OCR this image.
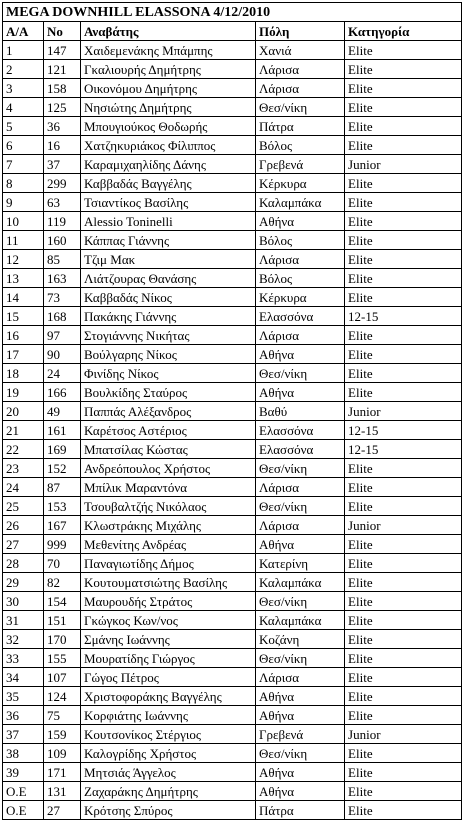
MEGA DOWNHILL ELASSONA 4/12/2010				
A/A	No	Αναβάτης	Πόλη	Κατηγορία
1	147	Χαιδεμενάκης Μπάμπης	Χανιά	Elite
2	121	Γκαλιουρής Δημήτρης	Λάρισα	Elite
3	158	Οικονόμου Δημήτρης	Λάρισα	Elite
4	125	Νησιώτης Δημήτρης	Θεσ/νίκη	Elite
5	36	Μπουγιούκος Θοδωρής	Πάτρα	Elite
6	16	Χατζηκυριάκος Φίλιππος	Βόλος	Elite
7	37	Καραμιχαηλίδης Δάνης	Γρεβενά	Junior
8	299	Καββαδάς Βαγγέλης	Κέρκυρα	Elite
9	63	Τσιαντίκος Βασίλης	Καλαμπάκα	Elite
10	119	Alessio Toninelli	Αθήνα	Elite
11	160	Κάππας Γιάννης	Βόλος	Elite
12	85	Τζιμ Μακ	Λάρισα	Elite
13	163	Λιάτζουρας Θανάσης	Βόλος	Elite
14	73	Καββαδάς Νίκος	Κέρκυρα	Elite
15	168	Πακάκης Γιάννης	Ελασσόνα	12-15
16	97	Στογιάννης Νικήτας	Λάρισα	Elite
17	90	Βούλγαρης Νίκος	Αθήνα	Elite
18	24	Φινίδης Νίκος	Θεσ/νίκη	Elite
19	166	Βουλκίδης Σταύρος	Αθήνα	Elite
20	49	Παππάς Αλέξανδρος	Βαθύ	Junior
21	161	Καρέτσος Αστέριος	Ελασσόνα	12-15
22	169	Μπατσίλας Κώστας	Ελασσόνα	12-15
23	152	Ανδρεόπουλος Χρήστος	Θεσ/νίκη	Elite
24	87	Μπίλικ Μαραντόνα	Λάρισα	Elite
25	153	Τσουβαλτζής Νικόλαος	Θεσ/νίκη	Elite
26	167	Κλωστράκης Μιχάλης	Λάρισα	Junior
27	999	Μεθενίτης Ανδρέας	Αθήνα	Elite
28	70	Παναγιωτίδης Δήμος	Κατερίνη	Elite
29	82	Κουτουματσιώτης Βασίλης	Καλαμπάκα	Elite
30	154	Μαυρουδής Στράτος	Θεσ/νίκη	Elite
31	151	Γκώγκος Κων/νος	Καλαμπάκα	Elite
32	170	Σμάνης Ιωάννης	Κοζάνη	Elite
33	155	Μουρατίδης Γιώργος	Θεσ/νίκη	Elite
34	107	Γώγος Πέτρος	Λάρισα	Elite
35	124	Χριστοφοράκης Βαγγέλης	Αθήνα	Elite
36	75	Κορφιάτης Ιωάννης	Αθήνα	Elite
37	159	Κουτσονίκος Στέργιος	Γρεβενά	Junior
38	109	Καλογρίδης Χρήστος	Θεσ/νίκη	Elite
39	171	Μητσιάς Άγγελος	Αθήνα	Elite
Ο.Ε	131	Ζαχαράκης Δημήτρης	Αθήνα	Elite
Ο.Ε	27	Κρότσης Σπύρος	Πάτρα	Elite
